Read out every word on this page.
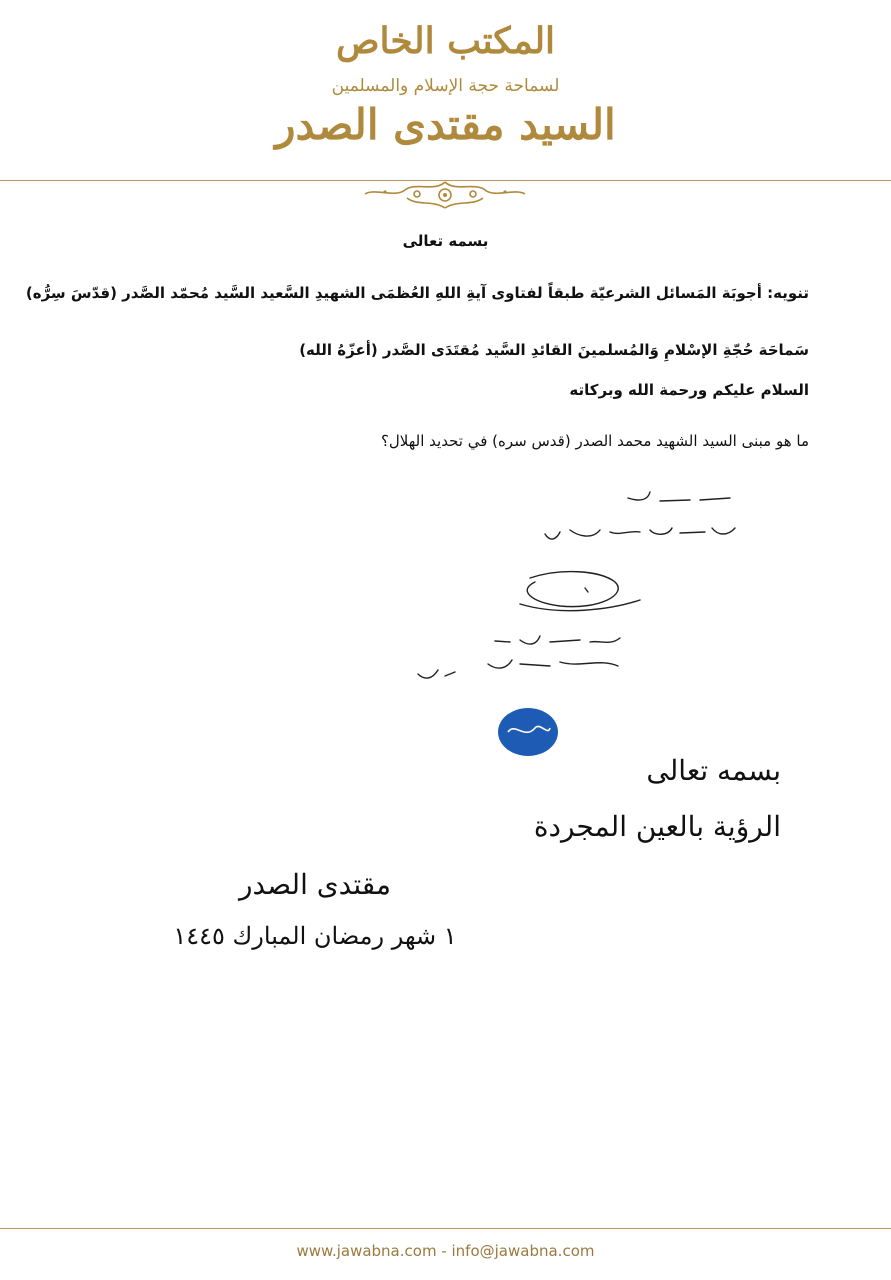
المكتب الخاص
لسماحة حجة الإسلام والمسلمين
السيد مقتدى الصدر
بسمه تعالى
تنويه: أجوبَة المَسائل الشرعيّة طبقاً لفتاوى آيةِ اللهِ العُظمَى الشهيدِ السَّعيد السَّيد مُحمّد الصَّدر (قدّسَ سِرُّه)
سَماحَة حُجّةِ الإسْلامِ وَالمُسلمينَ القائدِ السَّيد مُقتَدَى الصَّدر (أعزّهُ الله)
السلام عليكم ورحمة الله وبركاته
ما هو مبنى السيد الشهيد محمد الصدر (قدس سره) في تحديد الهلال؟
بسمه تعالى
الرؤية بالعين المجردة
مقتدى الصدر
١ شهر رمضان المبارك ١٤٤٥
www.jawabna.com - info@jawabna.com
